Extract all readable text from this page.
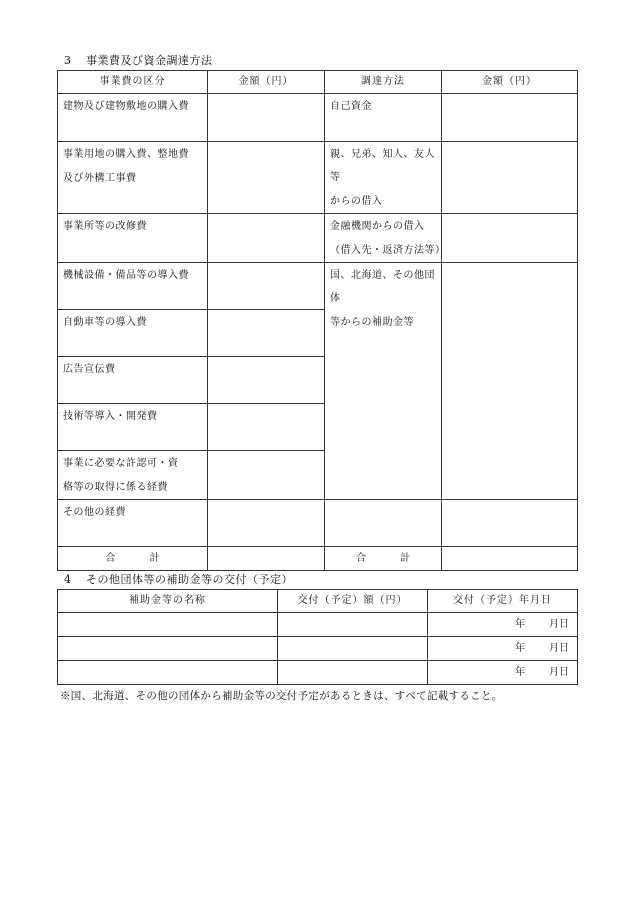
3 事業費及び資金調達方法
事業費の区分	金額（円）	調達方法	金額（円）

建物及び建物敷地の購入費		自己資金	

事業用地の購入費、整地費
及び外構工事費		親、兄弟、知人、友人等
からの借入	

事業所等の改修費		金融機関からの借入
（借入先・返済方法等）	

機械設備・備品等の導入費		国、北海道、その他団体
等からの補助金等	

自動車等の導入費			

広告宣伝費			

技術等導入・開発費			

事業に必要な許認可・資
格等の取得に係る経費			

その他の経費			

合 計		合 計	
4 その他団体等の補助金等の交付（予定）
補助金等の名称	交付（予定）額（円）	交付（予定）年月日
		年 月日
		年 月日
		年 月日
※国、北海道、その他の団体から補助金等の交付予定があるときは、すべて記載すること。
